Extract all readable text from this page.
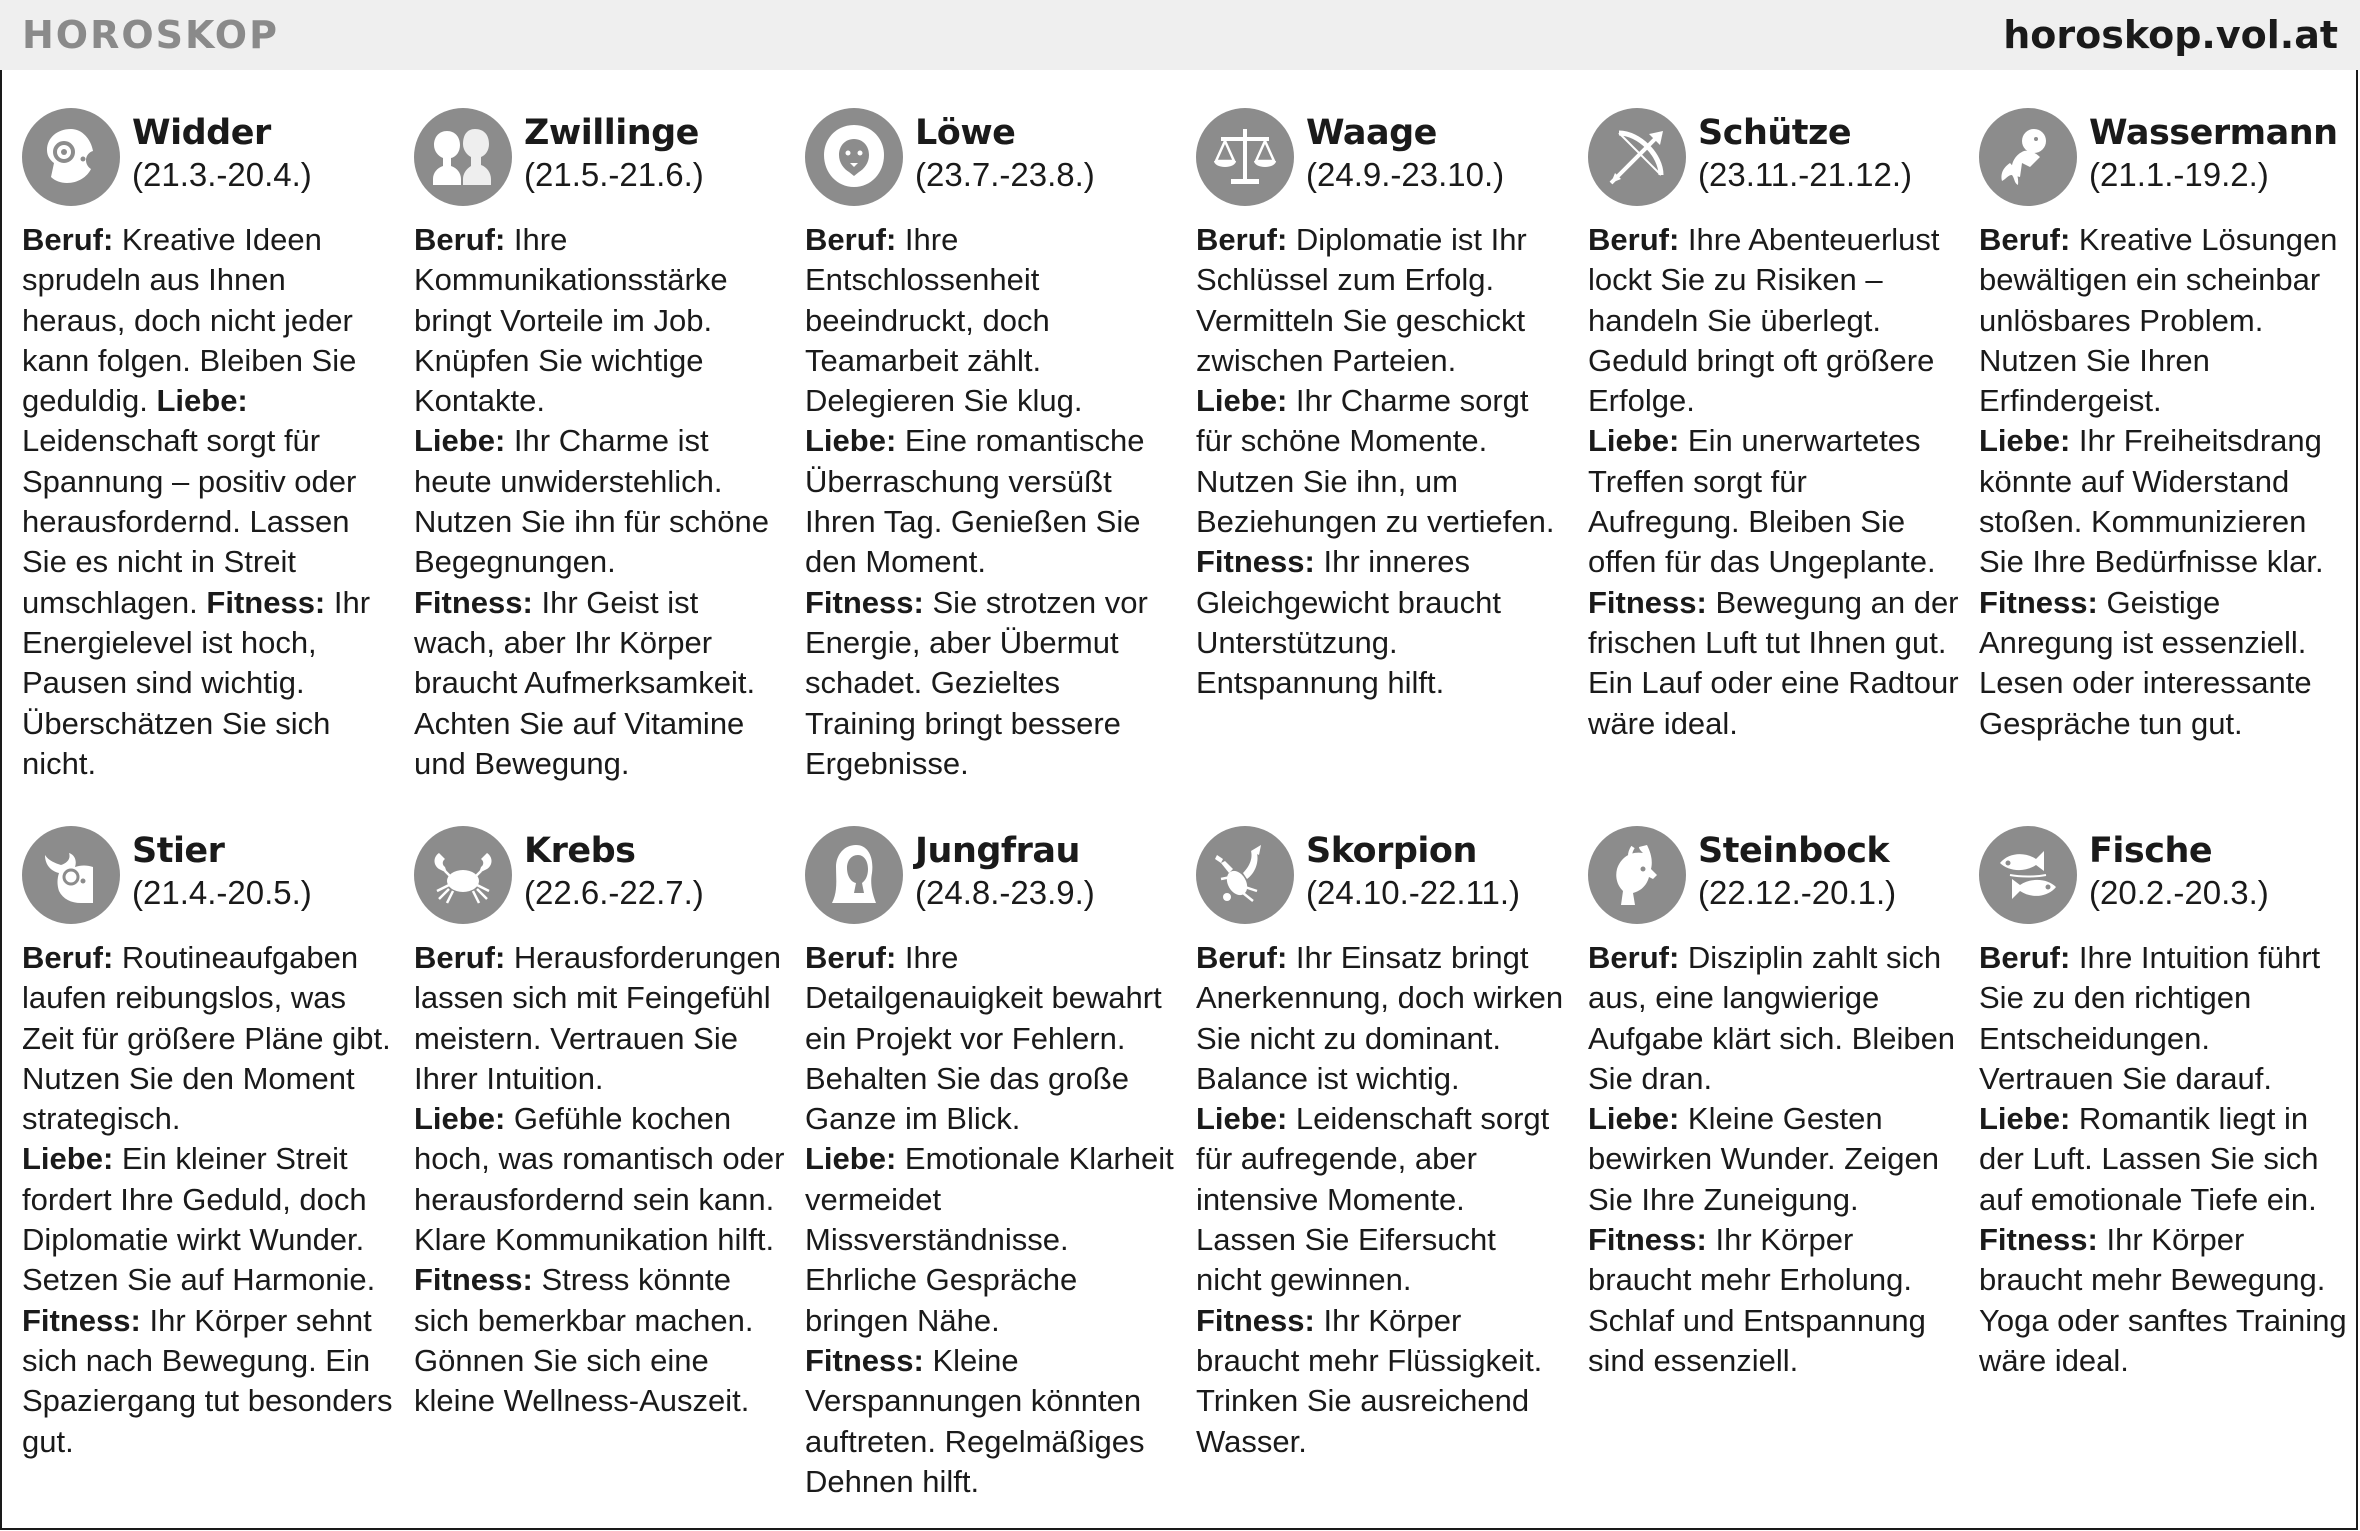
HOROSKOP	horoskop.vol.at
Widder
(21.3.-20.4.)

Beruf: Kreative Ideen sprudeln aus Ihnen heraus, doch nicht jeder kann folgen. Bleiben Sie geduldig. Liebe: Leidenschaft sorgt für Spannung – positiv oder herausfordernd. Lassen Sie es nicht in Streit umschlagen. Fitness: Ihr Energielevel ist hoch, Pausen sind wichtig. Überschätzen Sie sich nicht.

Zwillinge
(21.5.-21.6.)

Beruf: Ihre Kommunikationsstärke bringt Vorteile im Job. Knüpfen Sie wichtige Kontakte.

Liebe: Ihr Charme ist heute unwiderstehlich. Nutzen Sie ihn für schöne Begegnungen.

Fitness: Ihr Geist ist wach, aber Ihr Körper braucht Aufmerksamkeit. Achten Sie auf Vitamine und Bewegung.

Löwe
(23.7.-23.8.)

Beruf: Ihre Entschlossenheit beeindruckt, doch Teamarbeit zählt. Delegieren Sie klug.

Liebe: Eine romantische Überraschung versüßt Ihren Tag. Genießen Sie den Moment.

Fitness: Sie strotzen vor Energie, aber Übermut schadet. Gezieltes Training bringt bessere Ergebnisse.

Waage
(24.9.-23.10.)

Beruf: Diplomatie ist Ihr Schlüssel zum Erfolg. Vermitteln Sie geschickt zwischen Parteien.

Liebe: Ihr Charme sorgt für schöne Momente. Nutzen Sie ihn, um Beziehungen zu vertiefen.

Fitness: Ihr inneres Gleichgewicht braucht Unterstützung. Entspannung hilft.

Schütze
(23.11.-21.12.)

Beruf: Ihre Abenteuerlust lockt Sie zu Risiken – handeln Sie überlegt. Geduld bringt oft größere Erfolge.

Liebe: Ein unerwartetes Treffen sorgt für Aufregung. Bleiben Sie offen für das Ungeplante.

Fitness: Bewegung an der frischen Luft tut Ihnen gut. Ein Lauf oder eine Radtour wäre ideal.

Wassermann
(21.1.-19.2.)

Beruf: Kreative Lösungen bewältigen ein scheinbar unlösbares Problem. Nutzen Sie Ihren Erfindergeist.

Liebe: Ihr Freiheitsdrang könnte auf Widerstand stoßen. Kommunizieren Sie Ihre Bedürfnisse klar.

Fitness: Geistige Anregung ist essenziell. Lesen oder interessante Gespräche tun gut.

Stier
(21.4.-20.5.)

Beruf: Routineaufgaben laufen reibungslos, was Zeit für größere Pläne gibt. Nutzen Sie den Moment strategisch.

Liebe: Ein kleiner Streit fordert Ihre Geduld, doch Diplomatie wirkt Wunder. Setzen Sie auf Harmonie.

Fitness: Ihr Körper sehnt sich nach Bewegung. Ein Spaziergang tut besonders gut.

Krebs
(22.6.-22.7.)

Beruf: Herausforderungen lassen sich mit Feingefühl meistern. Vertrauen Sie Ihrer Intuition.

Liebe: Gefühle kochen hoch, was romantisch oder herausfordernd sein kann. Klare Kommunikation hilft.

Fitness: Stress könnte sich bemerkbar machen. Gönnen Sie sich eine kleine Wellness-Auszeit.

Jungfrau
(24.8.-23.9.)

Beruf: Ihre Detailgenauigkeit bewahrt ein Projekt vor Fehlern. Behalten Sie das große Ganze im Blick.

Liebe: Emotionale Klarheit vermeidet Missverständnisse. Ehrliche Gespräche bringen Nähe.

Fitness: Kleine Verspannungen könnten auftreten. Regelmäßiges Dehnen hilft.

Skorpion
(24.10.-22.11.)

Beruf: Ihr Einsatz bringt Anerkennung, doch wirken Sie nicht zu dominant. Balance ist wichtig.

Liebe: Leidenschaft sorgt für aufregende, aber intensive Momente. Lassen Sie Eifersucht nicht gewinnen.

Fitness: Ihr Körper braucht mehr Flüssigkeit. Trinken Sie ausreichend Wasser.

Steinbock
(22.12.-20.1.)

Beruf: Disziplin zahlt sich aus, eine langwierige Aufgabe klärt sich. Bleiben Sie dran.

Liebe: Kleine Gesten bewirken Wunder. Zeigen Sie Ihre Zuneigung.

Fitness: Ihr Körper braucht mehr Erholung. Schlaf und Entspannung sind essenziell.

Fische
(20.2.-20.3.)

Beruf: Ihre Intuition führt Sie zu den richtigen Entscheidungen. Vertrauen Sie darauf.

Liebe: Romantik liegt in der Luft. Lassen Sie sich auf emotionale Tiefe ein.

Fitness: Ihr Körper braucht mehr Bewegung. Yoga oder sanftes Training wäre ideal.
